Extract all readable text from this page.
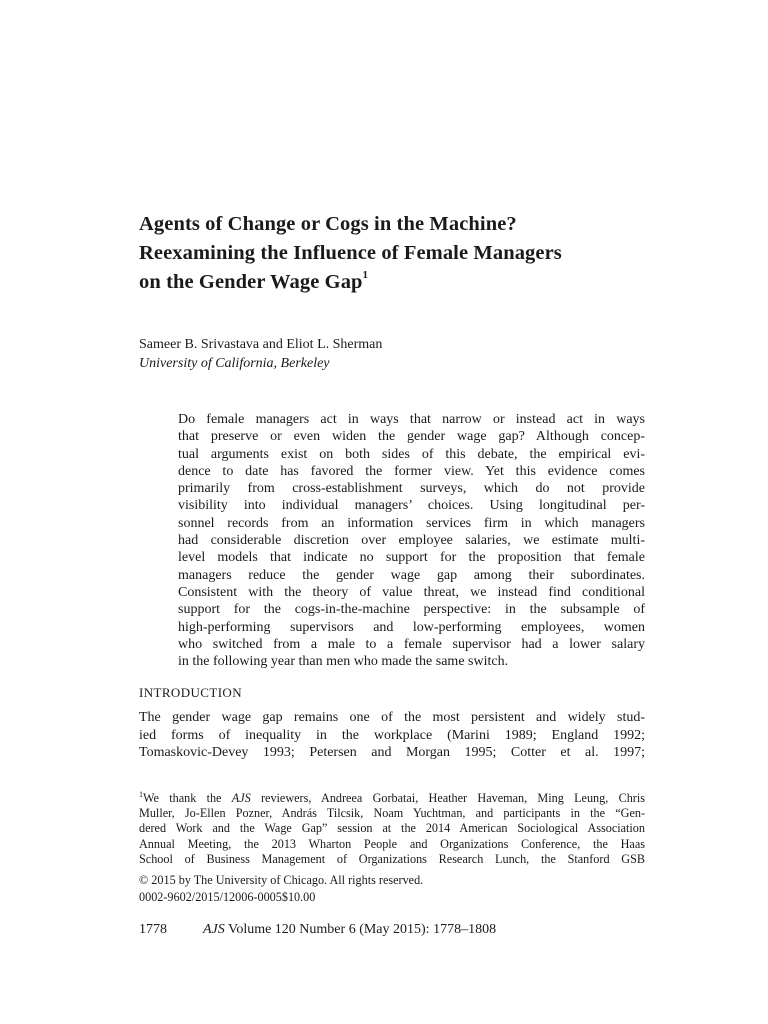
Agents of Change or Cogs in the Machine?
Reexamining the Influence of Female Managers
on the Gender Wage Gap$^1$
Sameer B. Srivastava and Eliot L. Sherman
University of California, Berkeley
Do female managers act in ways that narrow or instead act in ways
that preserve or even widen the gender wage gap? Although concep-
tual arguments exist on both sides of this debate, the empirical evi-
dence to date has favored the former view. Yet this evidence comes
primarily from cross-establishment surveys, which do not provide
visibility into individual managers’ choices. Using longitudinal per-
sonnel records from an information services firm in which managers
had considerable discretion over employee salaries, we estimate multi-
level models that indicate no support for the proposition that female
managers reduce the gender wage gap among their subordinates.
Consistent with the theory of value threat, we instead find conditional
support for the cogs-in-the-machine perspective: in the subsample of
high-performing supervisors and low-performing employees, women
who switched from a male to a female supervisor had a lower salary
in the following year than men who made the same switch.
INTRODUCTION
The gender wage gap remains one of the most persistent and widely stud-
ied forms of inequality in the workplace (Marini 1989; England 1992;
Tomaskovic-Devey 1993; Petersen and Morgan 1995; Cotter et al. 1997;
$^1$We thank the AJS reviewers, Andreea Gorbatai, Heather Haveman, Ming Leung, Chris
Muller, Jo-Ellen Pozner, András Tilcsik, Noam Yuchtman, and participants in the “Gen-
dered Work and the Wage Gap” session at the 2014 American Sociological Association
Annual Meeting, the 2013 Wharton People and Organizations Conference, the Haas
School of Business Management of Organizations Research Lunch, the Stanford GSB
© 2015 by The University of Chicago. All rights reserved.
0002-9602/2015/12006-0005$10.00
1778	AJS Volume 120 Number 6 (May 2015): 1778–1808
